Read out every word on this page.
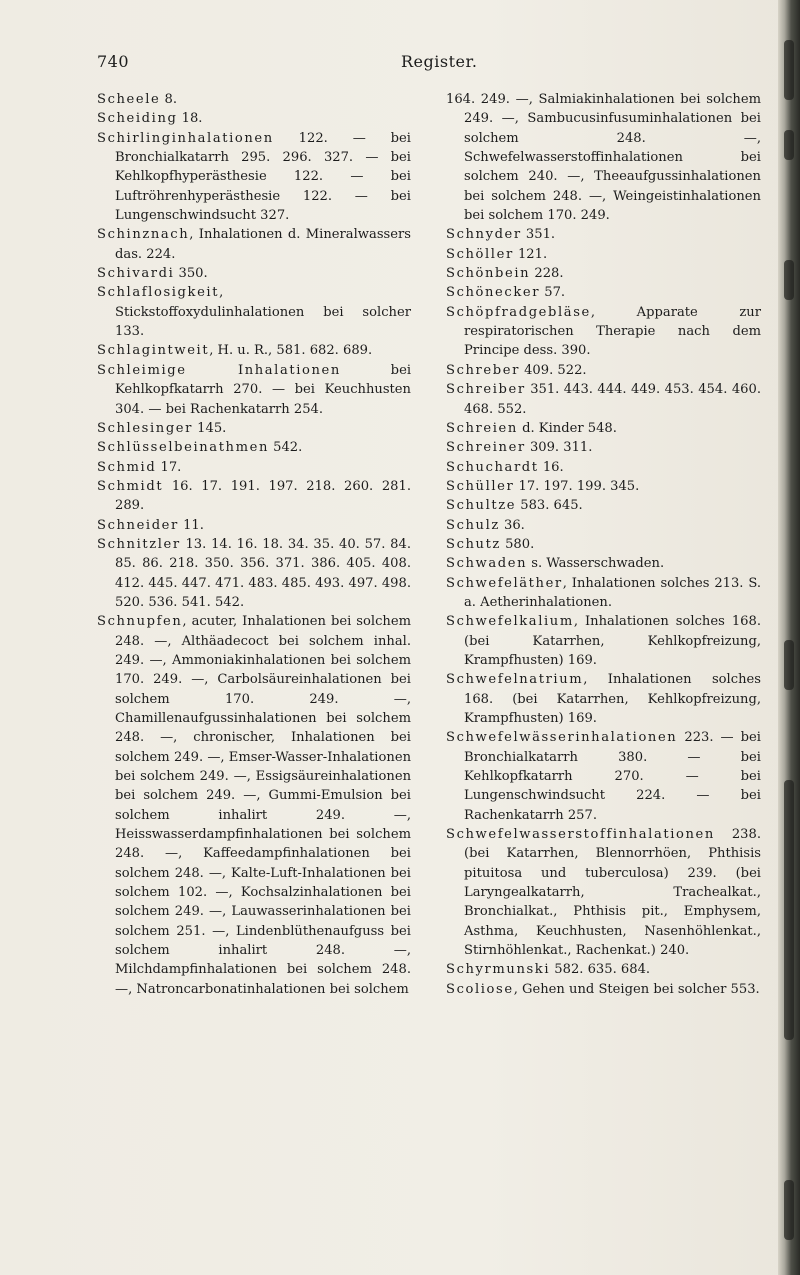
740	Register.

Scheele 8.

Scheiding 18.

Schirlinginhalationen 122. — bei Bronchialkatarrh 295. 296. 327. — bei Kehlkopfhyperästhesie 122. — bei Luftröhrenhyperästhesie 122. — bei Lungenschwindsucht 327.

Schinznach, Inhalationen d. Mineralwassers das. 224.

Schivardi 350.

Schlaflosigkeit, Stickstoffoxydulinhalationen bei solcher 133.

Schlagintweit, H. u. R., 581. 682. 689.

Schleimige Inhalationen bei Kehlkopfkatarrh 270. — bei Keuchhusten 304. — bei Rachenkatarrh 254.

Schlesinger 145.

Schlüsselbeinathmen 542.

Schmid 17.

Schmidt 16. 17. 191. 197. 218. 260. 281. 289.

Schneider 11.

Schnitzler 13. 14. 16. 18. 34. 35. 40. 57. 84. 85. 86. 218. 350. 356. 371. 386. 405. 408. 412. 445. 447. 471. 483. 485. 493. 497. 498. 520. 536. 541. 542.

Schnupfen, acuter, Inhalationen bei solchem 248. —, Althäadecoct bei solchem inhal. 249. —, Ammoniakinhalationen bei solchem 170. 249. —, Carbolsäureinhalationen bei solchem 170. 249. —, Chamillenaufgussinhalationen bei solchem 248. —, chronischer, Inhalationen bei solchem 249. —, Emser-Wasser-Inhalationen bei solchem 249. —, Essigsäureinhalationen bei solchem 249. —, Gummi-Emulsion bei solchem inhalirt 249. —, Heisswasserdampfinhalationen bei solchem 248. —, Kaffeedampfinhalationen bei solchem 248. —, Kalte-Luft-Inhalationen bei solchem 102. —, Kochsalzinhalationen bei solchem 249. —, Lauwasserinhalationen bei solchem 251. —, Lindenblüthenaufguss bei solchem inhalirt 248. —, Milchdampfinhalationen bei solchem 248. —, Natroncarbonatinhalationen bei solchem

164. 249. —, Salmiakinhalationen bei solchem 249. —, Sambucusinfusuminhalationen bei solchem 248. —, Schwefelwasserstoffinhalationen bei solchem 240. —, Theeaufgussinhalationen bei solchem 248. —, Weingeistinhalationen bei solchem 170. 249.

Schnyder 351.

Schöller 121.

Schönbein 228.

Schönecker 57.

Schöpfradgebläse, Apparate zur respiratorischen Therapie nach dem Principe dess. 390.

Schreber 409. 522.

Schreiber 351. 443. 444. 449. 453. 454. 460. 468. 552.

Schreien d. Kinder 548.

Schreiner 309. 311.

Schuchardt 16.

Schüller 17. 197. 199. 345.

Schultze 583. 645.

Schulz 36.

Schutz 580.

Schwaden s. Wasserschwaden.

Schwefeläther, Inhalationen solches 213. S. a. Aetherinhalationen.

Schwefelkalium, Inhalationen solches 168. (bei Katarrhen, Kehlkopfreizung, Krampfhusten) 169.

Schwefelnatrium, Inhalationen solches 168. (bei Katarrhen, Kehlkopfreizung, Krampfhusten) 169.

Schwefelwässerinhalationen 223. — bei Bronchialkatarrh 380. — bei Kehlkopfkatarrh 270. — bei Lungenschwindsucht 224. — bei Rachenkatarrh 257.

Schwefelwasserstoffinhalationen 238. (bei Katarrhen, Blennorrhöen, Phthisis pituitosa und tuberculosa) 239. (bei Laryngealkatarrh, Trachealkat., Bronchialkat., Phthisis pit., Emphysem, Asthma, Keuchhusten, Nasenhöhlenkat., Stirnhöhlenkat., Rachenkat.) 240.

Schyrmunski 582. 635. 684.

Scoliose, Gehen und Steigen bei solcher 553.
